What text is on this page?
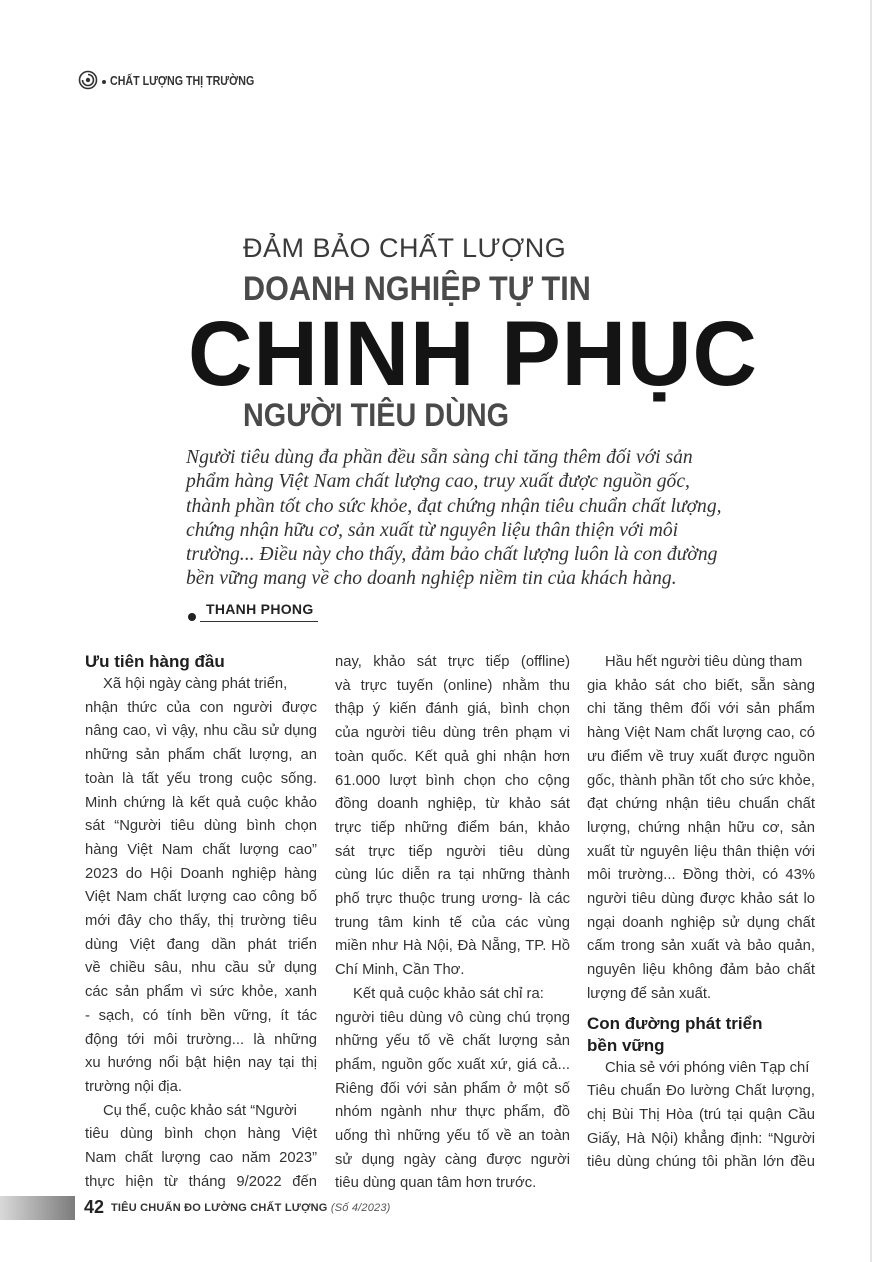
CHẤT LƯỢNG THỊ TRƯỜNG
ĐẢM BẢO CHẤT LƯỢNG
DOANH NGHIỆP TỰ TIN
CHINH PHỤC
NGƯỜI TIÊU DÙNG
Người tiêu dùng đa phần đều sẵn sàng chi tăng thêm đối với sản
phẩm hàng Việt Nam chất lượng cao, truy xuất được nguồn gốc,
thành phần tốt cho sức khỏe, đạt chứng nhận tiêu chuẩn chất lượng,
chứng nhận hữu cơ, sản xuất từ nguyên liệu thân thiện với môi
trường... Điều này cho thấy, đảm bảo chất lượng luôn là con đường
bền vững mang về cho doanh nghiệp niềm tin của khách hàng.
THANH PHONG
Ưu tiên hàng đầu
Xã hội ngày càng phát triển,
nhận thức của con người được
nâng cao, vì vậy, nhu cầu sử dụng
những sản phẩm chất lượng, an
toàn là tất yếu trong cuộc sống.
Minh chứng là kết quả cuộc khảo
sát “Người tiêu dùng bình chọn
hàng Việt Nam chất lượng cao”
2023 do Hội Doanh nghiệp hàng
Việt Nam chất lượng cao công bố
mới đây cho thấy, thị trường tiêu
dùng Việt đang dần phát triển
về chiều sâu, nhu cầu sử dụng
các sản phẩm vì sức khỏe, xanh
- sạch, có tính bền vững, ít tác
động tới môi trường... là những
xu hướng nổi bật hiện nay tại thị
trường nội địa.
Cụ thể, cuộc khảo sát “Người
tiêu dùng bình chọn hàng Việt
Nam chất lượng cao năm 2023”
thực hiện từ tháng 9/2022 đến
nay, khảo sát trực tiếp (offline)
và trực tuyến (online) nhằm thu
thập ý kiến đánh giá, bình chọn
của người tiêu dùng trên phạm vi
toàn quốc. Kết quả ghi nhận hơn
61.000 lượt bình chọn cho cộng
đồng doanh nghiệp, từ khảo sát
trực tiếp những điểm bán, khảo
sát trực tiếp người tiêu dùng
cùng lúc diễn ra tại những thành
phố trực thuộc trung ương- là các
trung tâm kinh tế của các vùng
miền như Hà Nội, Đà Nẵng, TP. Hồ
Chí Minh, Cần Thơ.
Kết quả cuộc khảo sát chỉ ra:
người tiêu dùng vô cùng chú trọng
những yếu tố về chất lượng sản
phẩm, nguồn gốc xuất xứ, giá cả...
Riêng đối với sản phẩm ở một số
nhóm ngành như thực phẩm, đồ
uống thì những yếu tố về an toàn
sử dụng ngày càng được người
tiêu dùng quan tâm hơn trước.
Hầu hết người tiêu dùng tham
gia khảo sát cho biết, sẵn sàng
chi tăng thêm đối với sản phẩm
hàng Việt Nam chất lượng cao, có
ưu điểm về truy xuất được nguồn
gốc, thành phần tốt cho sức khỏe,
đạt chứng nhận tiêu chuẩn chất
lượng, chứng nhận hữu cơ, sản
xuất từ nguyên liệu thân thiện với
môi trường... Đồng thời, có 43%
người tiêu dùng được khảo sát lo
ngại doanh nghiệp sử dụng chất
cấm trong sản xuất và bảo quản,
nguyên liệu không đảm bảo chất
lượng để sản xuất.
Con đường phát triển
bền vững
Chia sẻ với phóng viên Tạp chí
Tiêu chuẩn Đo lường Chất lượng,
chị Bùi Thị Hòa (trú tại quận Cầu
Giấy, Hà Nội) khẳng định: “Người
tiêu dùng chúng tôi phần lớn đều
42 TIÊU CHUẨN ĐO LƯỜNG CHẤT LƯỢNG (Số 4/2023)
